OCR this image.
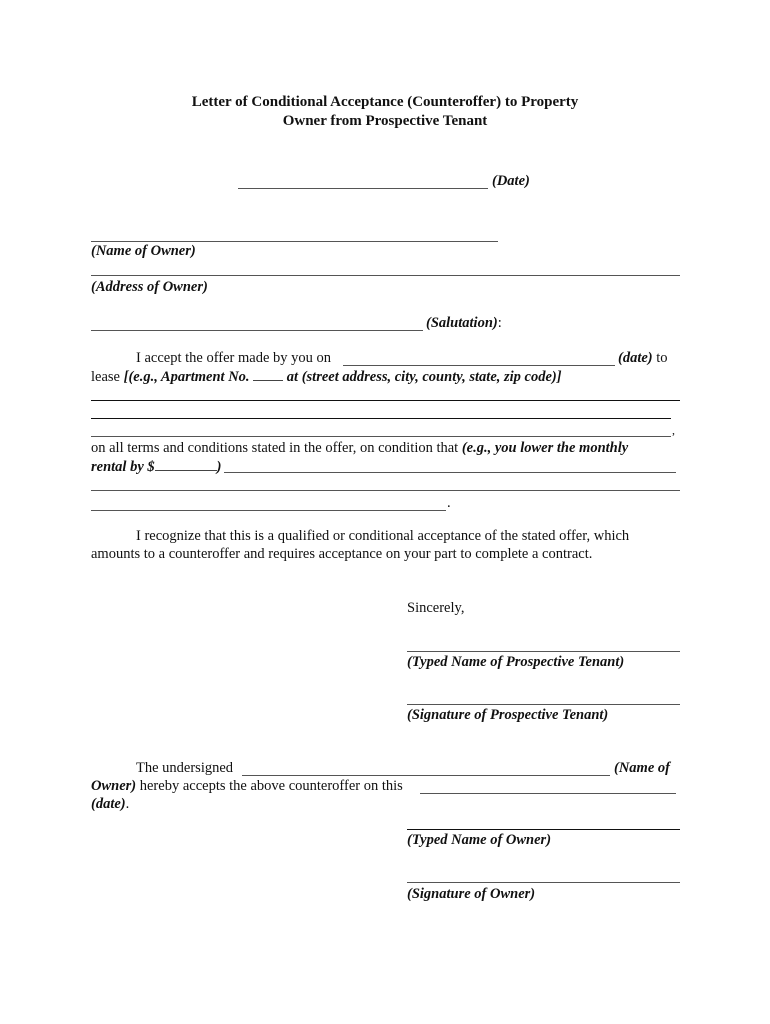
Letter of Conditional Acceptance (Counteroffer) to Property
Owner from Prospective Tenant
(Date)
(Name of Owner)
(Address of Owner)
(Salutation):
I accept the offer made by you on	(date) to
lease [(e.g., Apartment No.	at (street address, city, county, state, zip code)]
,
on all terms and conditions stated in the offer, on condition that (e.g., you lower the monthly
rental by $	)
.
I recognize that this is a qualified or conditional acceptance of the stated offer, which
amounts to a counteroffer and requires acceptance on your part to complete a contract.
Sincerely,
(Typed Name of Prospective Tenant)
(Signature of Prospective Tenant)
The undersigned	(Name of
Owner) hereby accepts the above counteroffer on this
(date).
(Typed Name of Owner)
(Signature of Owner)
